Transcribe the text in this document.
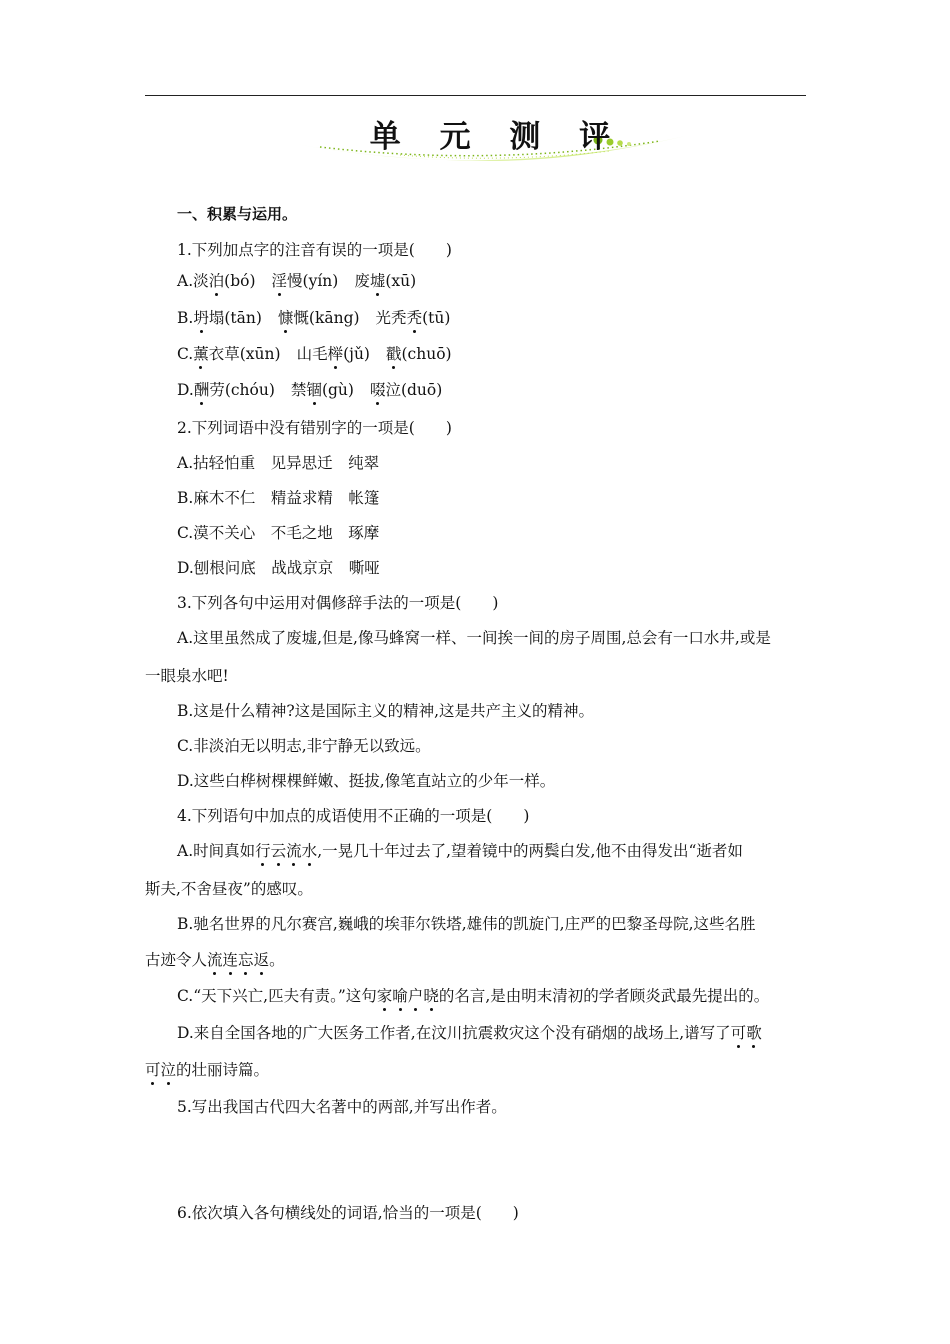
单 元 测 评
一、积累与运用。
1.下列加点字的注音有误的一项是(　　)
A.淡泊(bó) 淫慢(yín) 废墟(xū)
B.坍塌(tān) 慷慨(kāng) 光秃秃(tū)
C.薰衣草(xūn) 山毛榉(jǔ) 戳(chuō)
D.酬劳(chóu) 禁锢(gù) 啜泣(duō)
2.下列词语中没有错别字的一项是(　　)
A.拈轻怕重　见异思迁　纯翠
B.麻木不仁　精益求精　帐篷
C.漠不关心　不毛之地　琢摩
D.刨根问底　战战京京　嘶哑
3.下列各句中运用对偶修辞手法的一项是(　　)
A.这里虽然成了废墟,但是,像马蜂窝一样、一间挨一间的房子周围,总会有一口水井,或是
一眼泉水吧!
B.这是什么精神?这是国际主义的精神,这是共产主义的精神。
C.非淡泊无以明志,非宁静无以致远。
D.这些白桦树棵棵鲜嫩、挺拔,像笔直站立的少年一样。
4.下列语句中加点的成语使用不正确的一项是(　　)
A.时间真如行云流水,一晃几十年过去了,望着镜中的两鬓白发,他不由得发出“逝者如
斯夫,不舍昼夜”的感叹。
B.驰名世界的凡尔赛宫,巍峨的埃菲尔铁塔,雄伟的凯旋门,庄严的巴黎圣母院,这些名胜
古迹令人流连忘返。
C.“天下兴亡,匹夫有责。”这句家喻户晓的名言,是由明末清初的学者顾炎武最先提出的。
D.来自全国各地的广大医务工作者,在汶川抗震救灾这个没有硝烟的战场上,谱写了可歌
可泣的壮丽诗篇。
5.写出我国古代四大名著中的两部,并写出作者。
6.依次填入各句横线处的词语,恰当的一项是(　　)
